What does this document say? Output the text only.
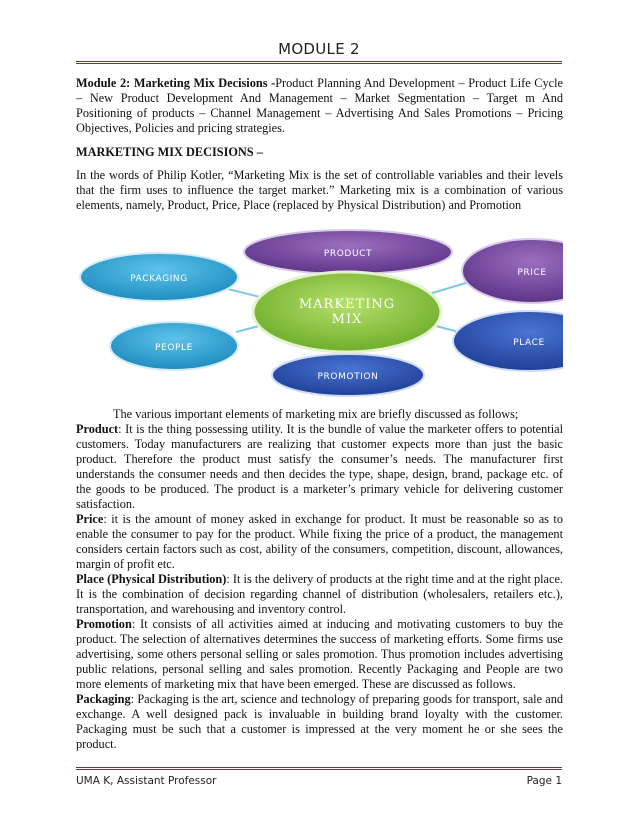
MODULE 2

Module 2: Marketing Mix Decisions -Product Planning And Development – Product Life Cycle – New Product Development And Management – Market Segmentation – Target m And Positioning of products – Channel Management – Advertising And Sales Promotions – Pricing Objectives, Policies and pricing strategies.

MARKETING MIX DECISIONS –

In the words of Philip Kotler, “Marketing Mix is the set of controllable variables and their levels that the firm uses to influence the target market.” Marketing mix is a combination of various elements, namely, Product, Price, Place (replaced by Physical Distribution) and Promotion

PRODUCT
PRICE
PLACE
PROMOTION
PEOPLE
PACKAGING
MARKETING
MIX

The various important elements of marketing mix are briefly discussed as follows;

Product: It is the thing possessing utility. It is the bundle of value the marketer offers to potential customers. Today manufacturers are realizing that customer expects more than just the basic product. Therefore the product must satisfy the consumer’s needs. The manufacturer first understands the consumer needs and then decides the type, shape, design, brand, package etc. of the goods to be produced. The product is a marketer’s primary vehicle for delivering customer satisfaction.

Price: it is the amount of money asked in exchange for product. It must be reasonable so as to enable the consumer to pay for the product. While fixing the price of a product, the management considers certain factors such as cost, ability of the consumers, competition, discount, allowances, margin of profit etc.

Place (Physical Distribution): It is the delivery of products at the right time and at the right place. It is the combination of decision regarding channel of distribution (wholesalers, retailers etc.), transportation, and warehousing and inventory control.

Promotion: It consists of all activities aimed at inducing and motivating customers to buy the product. The selection of alternatives determines the success of marketing efforts. Some firms use advertising, some others personal selling or sales promotion. Thus promotion includes advertising public relations, personal selling and sales promotion. Recently Packaging and People are two more elements of marketing mix that have been emerged. These are discussed as follows.

Packaging: Packaging is the art, science and technology of preparing goods for transport, sale and exchange. A well designed pack is invaluable in building brand loyalty with the customer. Packaging must be such that a customer is impressed at the very moment he or she sees the product.

UMA K, Assistant Professor	Page 1
